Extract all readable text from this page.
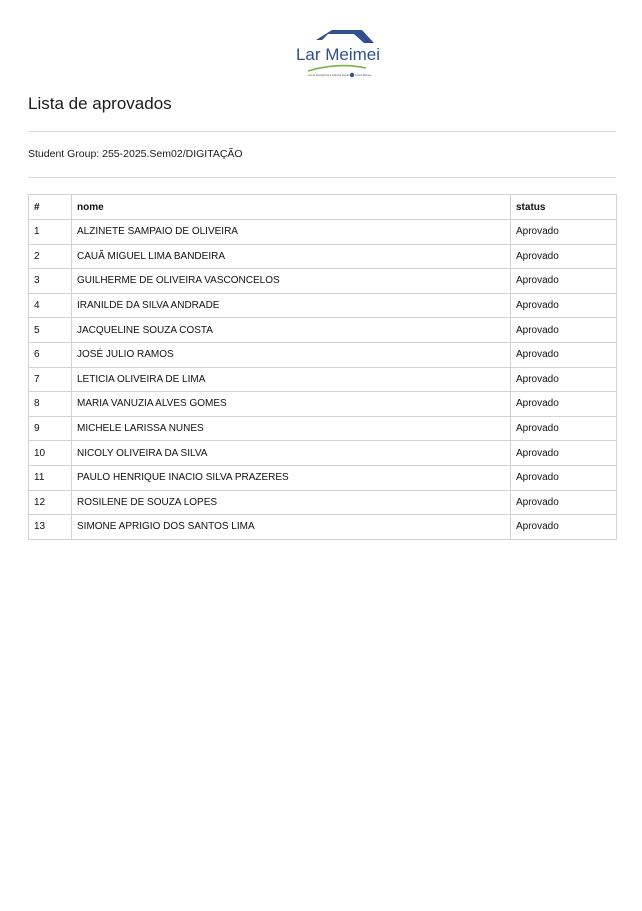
Lar Meimei
Lar de Assistência à Infância Social Grupo Meimei
Lista de aprovados
Student Group: 255-2025.Sem02/DIGITAÇÃO
#	nome	status
1	ALZINETE SAMPAIO DE OLIVEIRA	Aprovado
2	CAUÃ MIGUEL LIMA BANDEIRA	Aprovado
3	GUILHERME DE OLIVEIRA VASCONCELOS	Aprovado
4	IRANILDE DA SILVA ANDRADE	Aprovado
5	JACQUELINE SOUZA COSTA	Aprovado
6	JOSÉ JULIO RAMOS	Aprovado
7	LETICIA OLIVEIRA DE LIMA	Aprovado
8	MARIA VANUZIA ALVES GOMES	Aprovado
9	MICHELE LARISSA NUNES	Aprovado
10	NICOLY OLIVEIRA DA SILVA	Aprovado
11	PAULO HENRIQUE INACIO SILVA PRAZERES	Aprovado
12	ROSILENE DE SOUZA LOPES	Aprovado
13	SIMONE APRIGIO DOS SANTOS LIMA	Aprovado
